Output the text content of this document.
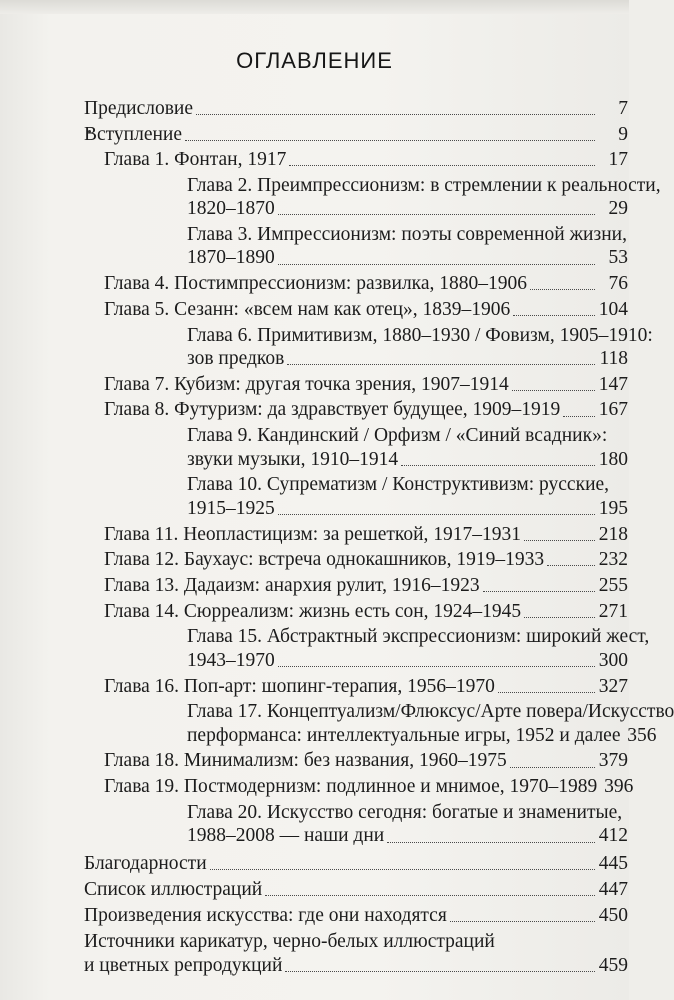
ОГЛАВЛЕНИЕ
Предисловие	7
Вступление	9
Глава 1. Фонтан, 1917	17
Глава 2. Преимпрессионизм: в стремлении к реальности,
1820–1870	29
Глава 3. Импрессионизм: поэты современной жизни,
1870–1890	53
Глава 4. Постимпрессионизм: развилка, 1880–1906	76
Глава 5. Сезанн: «всем нам как отец», 1839–1906	104
Глава 6. Примитивизм, 1880–1930 / Фовизм, 1905–1910:
зов предков	118
Глава 7. Кубизм: другая точка зрения, 1907–1914	147
Глава 8. Футуризм: да здравствует будущее, 1909–1919 167
Глава 9. Кандинский / Орфизм / «Синий всадник»:
звуки музыки, 1910–1914	180
Глава 10. Супрематизм / Конструктивизм: русские,
1915–1925	195
Глава 11. Неопластицизм: за решеткой, 1917–1931	218
Глава 12. Баухаус: встреча однокашников, 1919–1933	232
Глава 13. Дадаизм: анархия рулит, 1916–1923	255
Глава 14. Сюрреализм: жизнь есть сон, 1924–1945	271
Глава 15. Абстрактный экспрессионизм: широкий жест,
1943–1970	300
Глава 16. Поп-арт: шопинг-терапия, 1956–1970	327
Глава 17. Концептуализм/Флюксус/Арте повера/Искусство
перформанса: интеллектуальные игры, 1952 и далее 356
Глава 18. Минимализм: без названия, 1960–1975	379
Глава 19. Постмодернизм: подлинное и мнимое, 1970–1989 396
Глава 20. Искусство сегодня: богатые и знаменитые,
1988–2008 — наши дни	412
Благодарности	445
Список иллюстраций	447
Произведения искусства: где они находятся	450
Источники карикатур, черно-белых иллюстраций
и цветных репродукций	459
